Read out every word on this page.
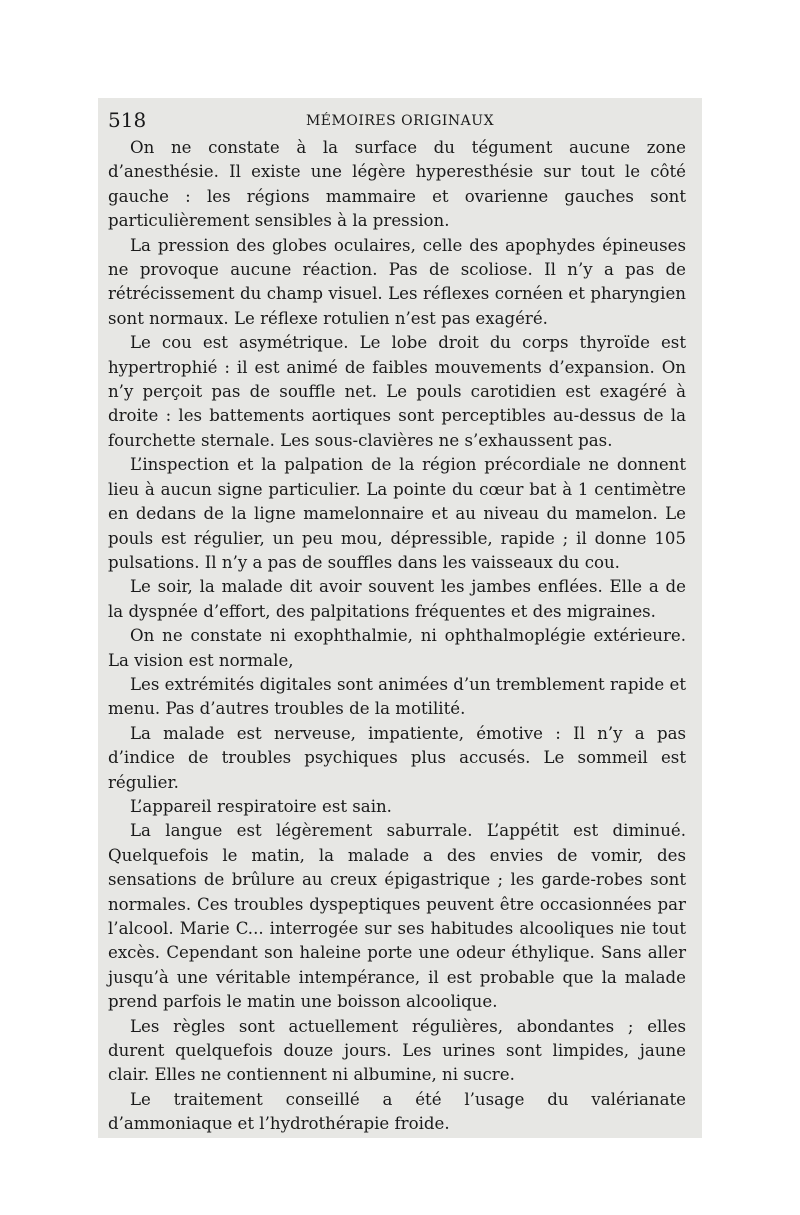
518	MÉMOIRES ORIGINAUX

On ne constate à la surface du tégument aucune zone d’anesthésie. Il existe une légère hyperesthésie sur tout le côté gauche : les régions mammaire et ovarienne gauches sont particulièrement sensibles à la pression.

La pression des globes oculaires, celle des apophydes épineuses ne provoque aucune réaction. Pas de scoliose. Il n’y a pas de rétrécissement du champ visuel. Les réflexes cornéen et pharyngien sont normaux. Le réflexe rotulien n’est pas exagéré.

Le cou est asymétrique. Le lobe droit du corps thyroïde est hypertrophié : il est animé de faibles mouvements d’expansion. On n’y perçoit pas de souffle net. Le pouls carotidien est exagéré à droite : les battements aortiques sont perceptibles au-dessus de la fourchette sternale. Les sous-clavières ne s’exhaussent pas.

L’inspection et la palpation de la région précordiale ne donnent lieu à aucun signe particulier. La pointe du cœur bat à 1 centimètre en dedans de la ligne mamelonnaire et au niveau du mamelon. Le pouls est régulier, un peu mou, dépressible, rapide ; il donne 105 pulsations. Il n’y a pas de souffles dans les vaisseaux du cou.

Le soir, la malade dit avoir souvent les jambes enflées. Elle a de la dyspnée d’effort, des palpitations fréquentes et des migraines.

On ne constate ni exophthalmie, ni ophthalmoplégie extérieure. La vision est normale,

Les extrémités digitales sont animées d’un tremblement rapide et menu. Pas d’autres troubles de la motilité.

La malade est nerveuse, impatiente, émotive : Il n’y a pas d’indice de troubles psychiques plus accusés. Le sommeil est régulier.

L’appareil respiratoire est sain.

La langue est légèrement saburrale. L’appétit est diminué. Quelquefois le matin, la malade a des envies de vomir, des sensations de brûlure au creux épigastrique ; les garde-robes sont normales. Ces troubles dyspeptiques peuvent être occasionnées par l’alcool. Marie C... interrogée sur ses habitudes alcooliques nie tout excès. Cependant son haleine porte une odeur éthylique. Sans aller jusqu’à une véritable intempérance, il est probable que la malade prend parfois le matin une boisson alcoolique.

Les règles sont actuellement régulières, abondantes ; elles durent quelquefois douze jours. Les urines sont limpides, jaune clair. Elles ne contiennent ni albumine, ni sucre.

Le traitement conseillé a été l’usage du valérianate d’ammoniaque et l’hydrothérapie froide.
